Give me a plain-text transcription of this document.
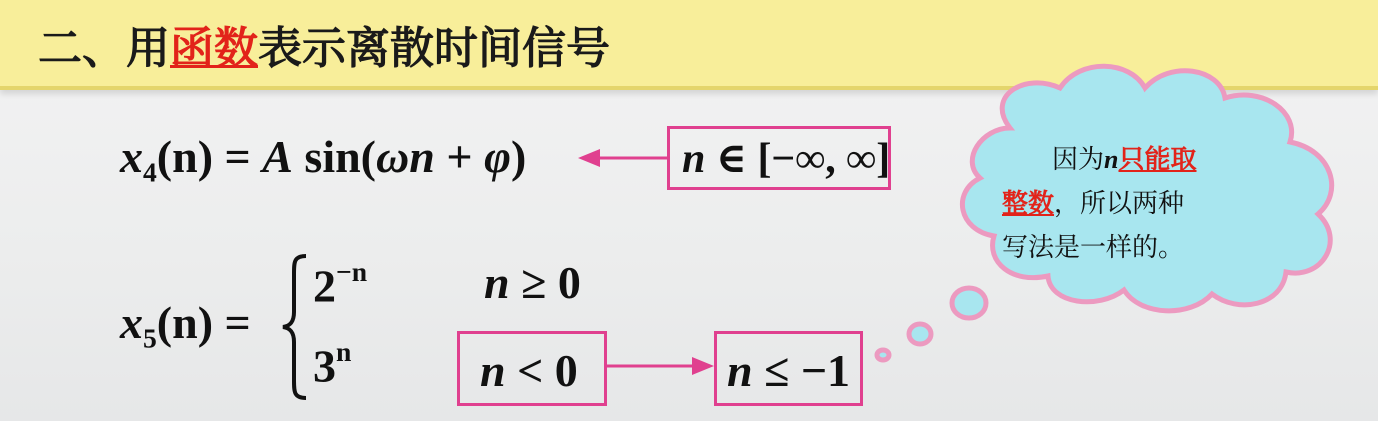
二、用函数表示离散时间信号
$x_4(n) = A$ sin(ωn + φ)	n ∈ [−∞, ∞]
$x_5(n)$ =
$2^{-n}$	n ≥ 0
3$^n$	n < 0	n ≤ −1
因为n只能取
整数，所以两种
写法是一样的。
